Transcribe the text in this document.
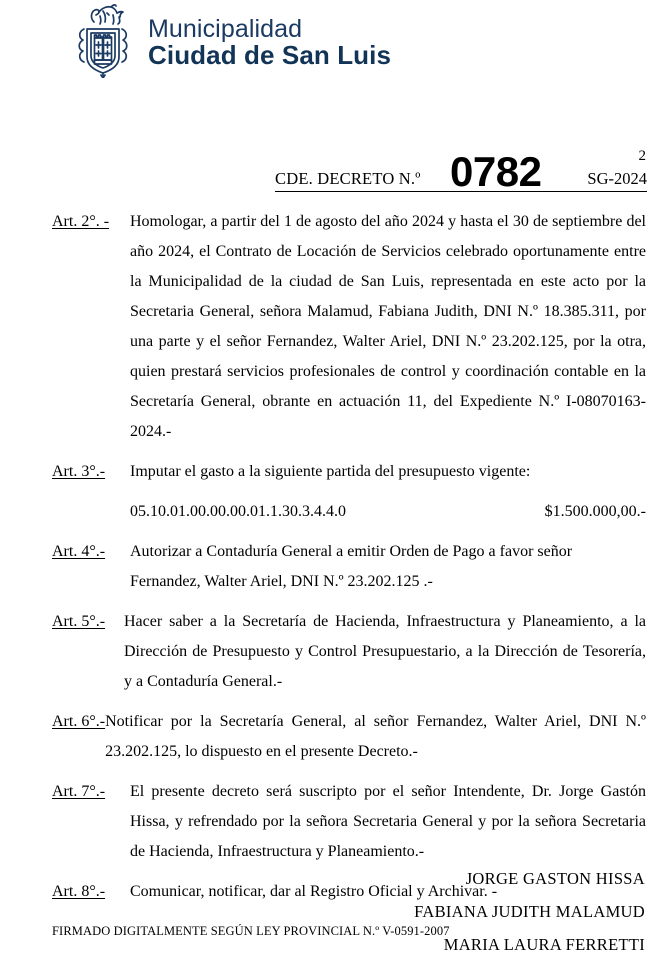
Municipalidad
Ciudad de San Luis
2
CDE. DECRETO N.º 0782	SG-2024
Art. 2°. -	Homologar, a partir del 1 de agosto del año 2024 y hasta el 30 de septiembre del año 2024, el Contrato de Locación de Servicios celebrado oportunamente entre la Municipalidad de la ciudad de San Luis, representada en este acto por la Secretaria General, señora Malamud, Fabiana Judith, DNI N.º 18.385.311, por una parte y el señor Fernandez, Walter Ariel, DNI N.º 23.202.125, por la otra, quien prestará servicios profesionales de control y coordinación contable en la Secretaría General, obrante en actuación 11, del Expediente N.º I-08070163-2024.-
Art. 3°.-	Imputar el gasto a la siguiente partida del presupuesto vigente:
05.10.01.00.00.00.01.1.30.3.4.4.0	$1.500.000,00.-
Art. 4°.-	Autorizar a Contaduría General a emitir Orden de Pago a favor señor Fernandez, Walter Ariel, DNI N.º 23.202.125 .-
Art. 5°.-	Hacer saber a la Secretaría de Hacienda, Infraestructura y Planeamiento, a la Dirección de Presupuesto y Control Presupuestario, a la Dirección de Tesorería, y a Contaduría General.-
Art. 6°.- Notificar por la Secretaría General, al señor Fernandez, Walter Ariel, DNI N.º 23.202.125, lo dispuesto en el presente Decreto.-
Art. 7°.-	El presente decreto será suscripto por el señor Intendente, Dr. Jorge Gastón Hissa, y refrendado por la señora Secretaria General y por la señora Secretaria de Hacienda, Infraestructura y Planeamiento.-
Art. 8°.-	Comunicar, notificar, dar al Registro Oficial y Archivar. -
FIRMADO DIGITALMENTE SEGÚN LEY PROVINCIAL N.º V-0591-2007
JORGE GASTON HISSA
FABIANA JUDITH MALAMUD
MARIA LAURA FERRETTI
